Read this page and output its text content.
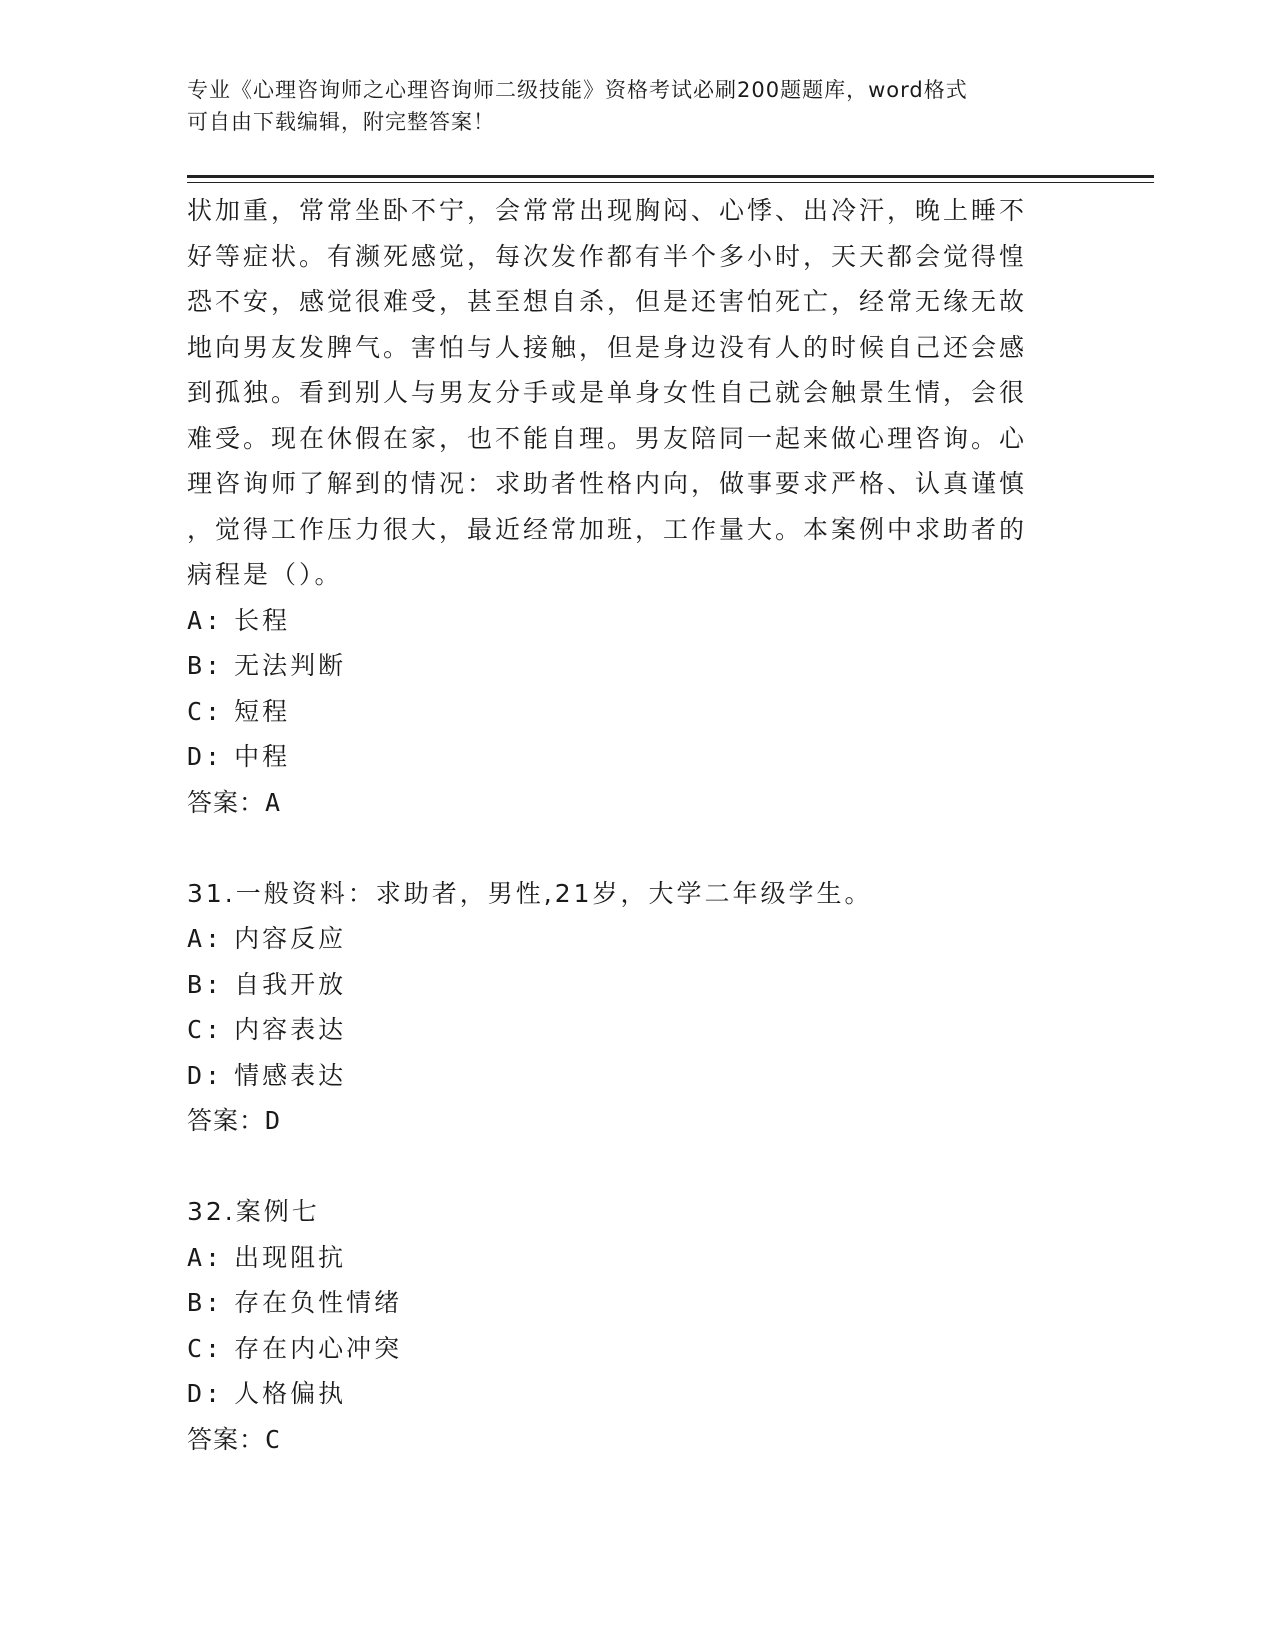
专业《心理咨询师之心理咨询师二级技能》资格考试必刷200题题库，word格式
可自由下载编辑，附完整答案！
状加重，常常坐卧不宁，会常常出现胸闷、心悸、出冷汗，晚上睡不
好等症状。有濒死感觉，每次发作都有半个多小时，天天都会觉得惶
恐不安，感觉很难受，甚至想自杀，但是还害怕死亡，经常无缘无故
地向男友发脾气。害怕与人接触，但是身边没有人的时候自己还会感
到孤独。看到别人与男友分手或是单身女性自己就会触景生情，会很
难受。现在休假在家，也不能自理。男友陪同一起来做心理咨询。心
理咨询师了解到的情况：求助者性格内向，做事要求严格、认真谨慎
，觉得工作压力很大，最近经常加班，工作量大。本案例中求助者的
病程是（）。
A: 长程
B: 无法判断
C: 短程
D: 中程
答案：A
31.一般资料：求助者，男性,21岁，大学二年级学生。
A: 内容反应
B: 自我开放
C: 内容表达
D: 情感表达
答案：D
32.案例七
A: 出现阻抗
B: 存在负性情绪
C: 存在内心冲突
D: 人格偏执
答案：C
